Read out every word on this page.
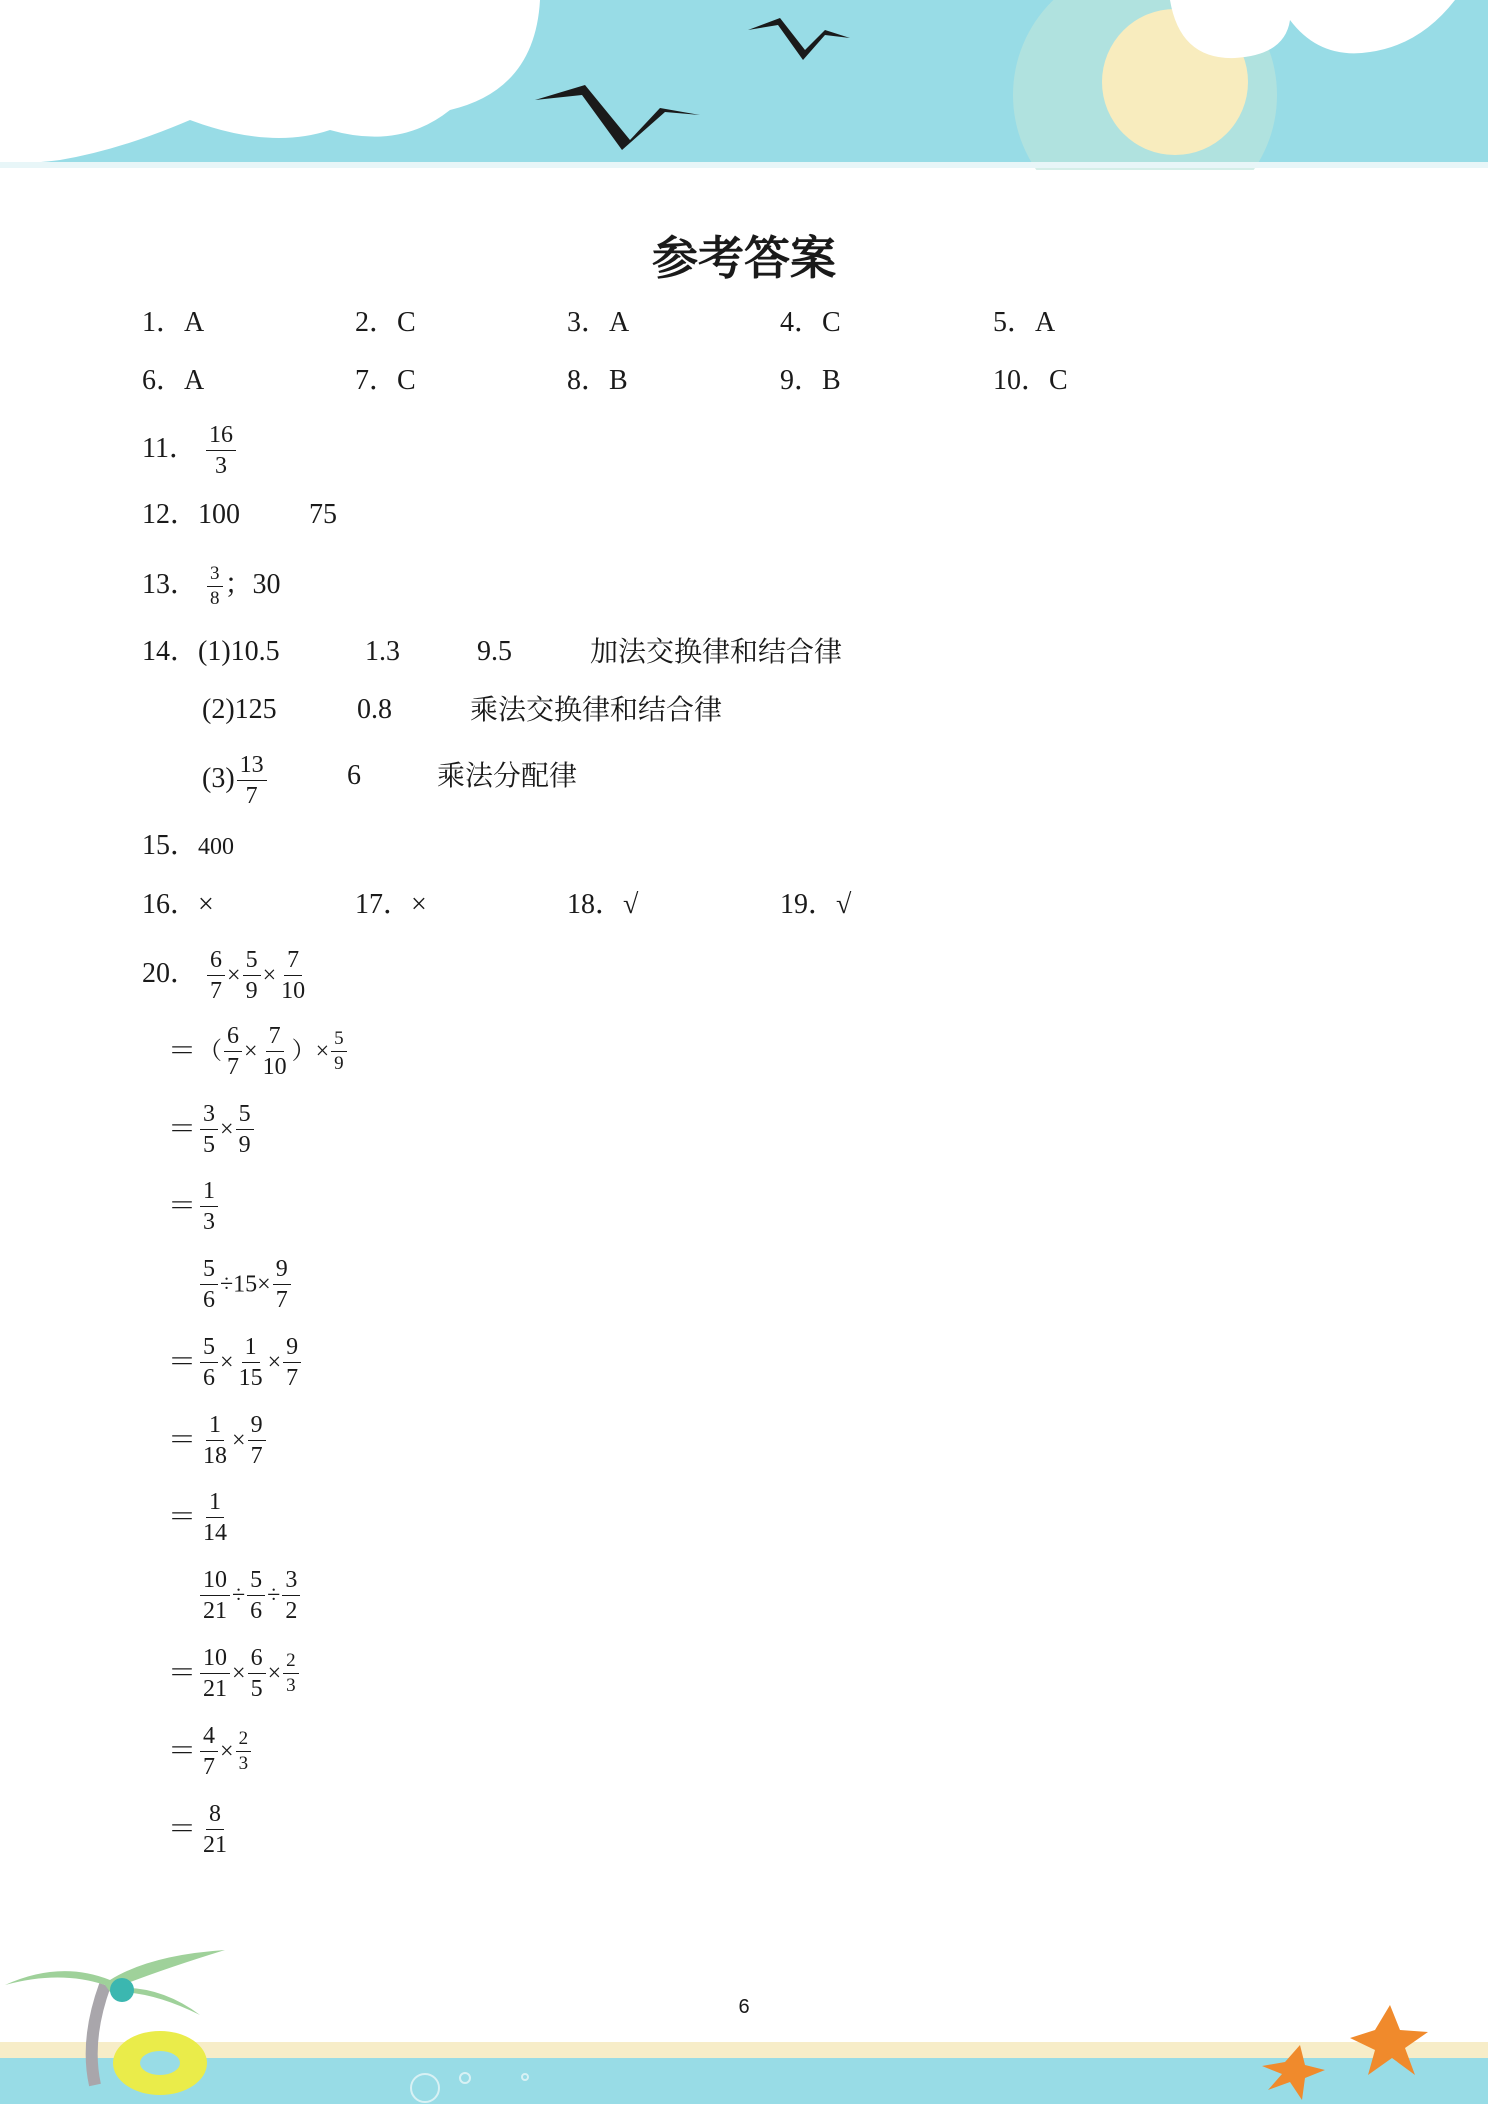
参考答案
1．A	2．C	3．A	4．C	5．A
6．A	7．C	8．B	9．B	10．C
11． $\frac{16}{3}$
12．100 75
13． $\frac{3}{8}$ ；30
14．(1)10.5	1.3	9.5	加法交换律和结合律
(2)125	0.8	乘法交换律和结合律
$(3) \frac{13}{7}$	6	乘法分配律
15．400
16．×	17．×	18．√	19．√
20． $\frac{6}{7} \times \frac{5}{9} \times \frac{7}{10}$
＝（ $\frac{6}{7} \times \frac{7}{10}$ ）× $\frac{5}{9}$
＝ $\frac{3}{5} \times \frac{5}{9}$
＝ $\frac{1}{3}$
$\frac{5}{6} \div 15\times \frac{9}{7}$
＝ $\frac{5}{6} \times \frac{1}{15} \times \frac{9}{7}$
＝ $\frac{1}{18} \times \frac{9}{7}$
＝ $\frac{1}{14}$
$\frac{10}{21} \div \frac{5}{6} \div \frac{3}{2}$
＝ $\frac{10}{21} \times \frac{6}{5} \times \frac{2}{3}$
＝ $\frac{4}{7} \times \frac{2}{3}$
＝ $\frac{8}{21}$
6
